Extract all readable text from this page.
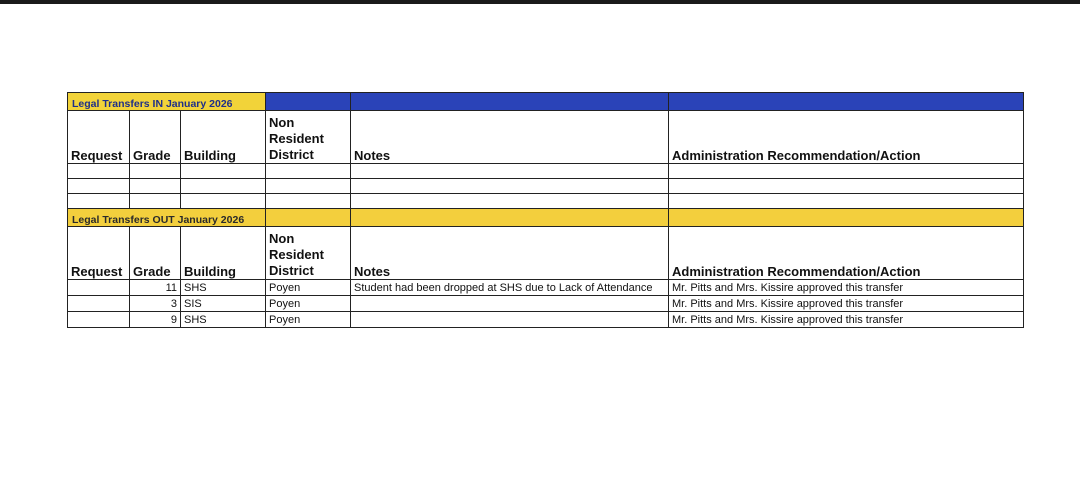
Legal Transfers IN January 2026					
Request	Grade	Building	Non
Resident
District	Notes	Administration Recommendation/Action

Legal Transfers OUT January 2026					
Request	Grade	Building	Non
Resident
District	Notes	Administration Recommendation/Action
	11	SHS	Poyen	Student had been dropped at SHS due to Lack of Attendance	Mr. Pitts and Mrs. Kissire approved this transfer
	3	SIS	Poyen		Mr. Pitts and Mrs. Kissire approved this transfer
	9	SHS	Poyen		Mr. Pitts and Mrs. Kissire approved this transfer
